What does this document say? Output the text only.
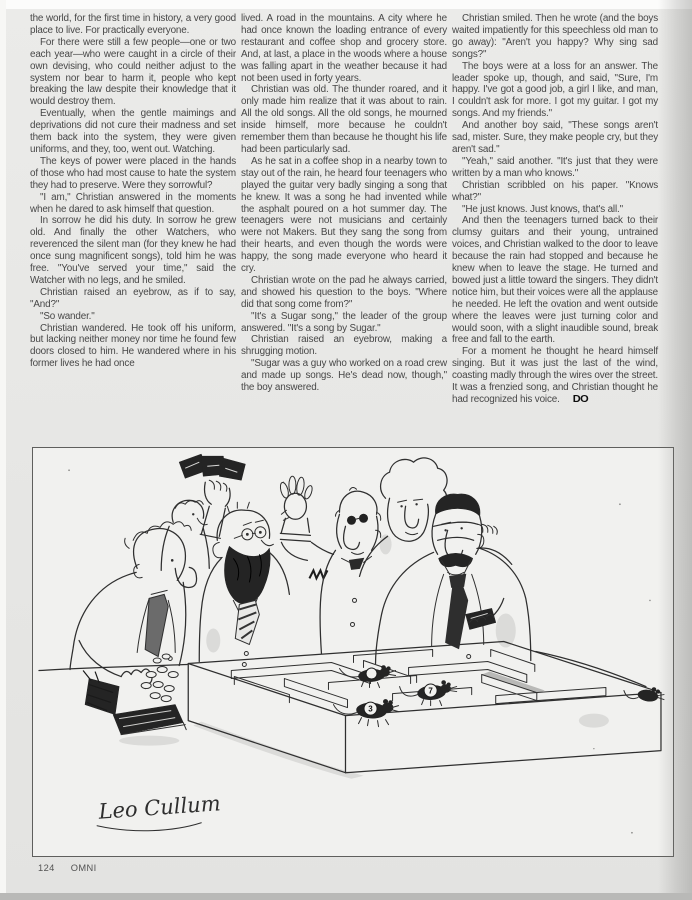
the world, for the first time in history, a very good place to live. For practically everyone.

For there were still a few people—one or two each year—who were caught in a circle of their own devising, who could neither adjust to the system nor bear to harm it, people who kept breaking the law despite their knowledge that it would destroy them.

Eventually, when the gentle maimings and deprivations did not cure their madness and set them back into the system, they were given uniforms, and they, too, went out. Watching.

The keys of power were placed in the hands of those who had most cause to hate the system they had to preserve. Were they sorrowful?

"I am," Christian answered in the moments when he dared to ask himself that question.

In sorrow he did his duty. In sorrow he grew old. And finally the other Watchers, who reverenced the silent man (for they knew he had once sung magnificent songs), told him he was free. "You've served your time," said the Watcher with no legs, and he smiled.

Christian raised an eyebrow, as if to say, "And?"

"So wander."

Christian wandered. He took off his uniform, but lacking neither money nor time he found few doors closed to him. He wandered where in his former lives he had once

lived. A road in the mountains. A city where he had once known the loading entrance of every restaurant and coffee shop and grocery store. And, at last, a place in the woods where a house was falling apart in the weather because it had not been used in forty years.

Christian was old. The thunder roared, and it only made him realize that it was about to rain. All the old songs. All the old songs, he mourned inside himself, more because he couldn't remember them than because he thought his life had been particularly sad.

As he sat in a coffee shop in a nearby town to stay out of the rain, he heard four teenagers who played the guitar very badly singing a song that he knew. It was a song he had invented while the asphalt poured on a hot summer day. The teenagers were not musicians and certainly were not Makers. But they sang the song from their hearts, and even though the words were happy, the song made everyone who heard it cry.

Christian wrote on the pad he always carried, and showed his question to the boys. "Where did that song come from?"

"It's a Sugar song," the leader of the group answered. "It's a song by Sugar."

Christian raised an eyebrow, making a shrugging motion.

"Sugar was a guy who worked on a road crew and made up songs. He's dead now, though," the boy answered.

Christian smiled. Then he wrote (and the boys waited impatiently for this speechless old man to go away): "Aren't you happy? Why sing sad songs?"

The boys were at a loss for an answer. The leader spoke up, though, and said, "Sure, I'm happy. I've got a good job, a girl I like, and man, I couldn't ask for more. I got my guitar. I got my songs. And my friends."

And another boy said, "These songs aren't sad, mister. Sure, they make people cry, but they aren't sad."

"Yeah," said another. "It's just that they were written by a man who knows."

Christian scribbled on his paper. "Knows what?"

"He just knows. Just knows, that's all."

And then the teenagers turned back to their clumsy guitars and their young, untrained voices, and Christian walked to the door to leave because the rain had stopped and because he knew when to leave the stage. He turned and bowed just a little toward the singers. They didn't notice him, but their voices were all the applause he needed. He left the ovation and went outside where the leaves were just turning color and would soon, with a slight inaudible sound, break free and fall to the earth.

For a moment he thought he heard himself singing. But it was just the last of the wind, coasting madly through the wires over the street. It was a frenzied song, and Christian thought he had recognized his voice. DO

3
7
Leo Cullum
124 OMNI
